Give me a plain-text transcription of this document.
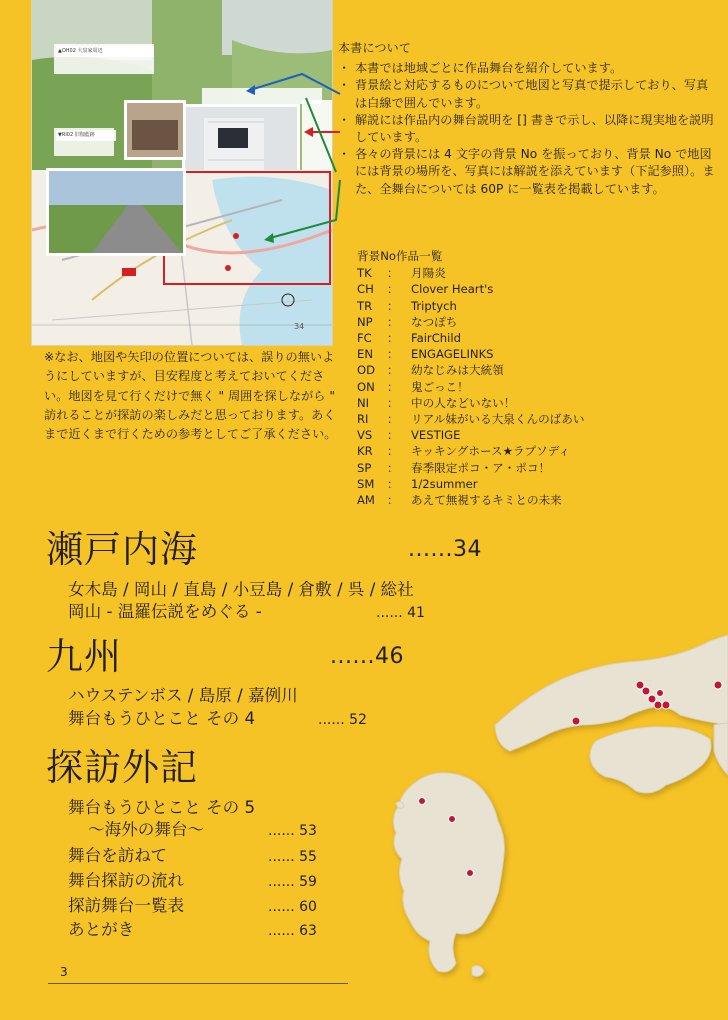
▲OH02 大泉家周辺
▼RI02 旧伽藍跡
34
本書について
・ 本書では地域ごとに作品舞台を紹介しています。
・ 背景絵と対応するものについて地図と写真で提示しており、写真は白線で囲んでいます。
・ 解説には作品内の舞台説明を [] 書きで示し、以降に現実地を説明しています。
・ 各々の背景には 4 文字の背景 No を振っており、背景 No で地図には背景の場所を、写真には解説を添えています（下記参照）。また、全舞台については 60P に一覧表を掲載しています。
背景No作品一覧
TK	：	月陽炎
CH	：	Clover Heart's
TR	：	Triptych
NP	：	なつぽち
FC	：	FairChild
EN	：	ENGAGELINKS
OD	：	幼なじみは大統領
ON	：	鬼ごっこ！
NI	：	中の人などいない！
RI	：	リアル妹がいる大泉くんのばあい
VS	：	VESTIGE
KR	：	キッキングホース★ラプソディ
SP	：	春季限定ポコ・ア・ポコ！
SM	：	1/2summer
AM	：	あえて無視するキミとの未来
※なお、地図や矢印の位置については、誤りの無いようにしていますが、目安程度と考えておいてください。地図を見て行くだけで無く " 周囲を探しながら " 訪れることが探訪の楽しみだと思っております。あくまで近くまで行くための参考としてご了承ください。
瀬戸内海	......34
女木島 / 岡山 / 直島 / 小豆島 / 倉敷 / 呉 / 総社
岡山 - 温羅伝説をめぐる -	...... 41
九州	......46
ハウステンボス / 島原 / 嘉例川
舞台もうひとこと その 4	...... 52
探訪外記
舞台もうひとこと その 5
～海外の舞台～	...... 53
舞台を訪ねて	...... 55
舞台探訪の流れ	...... 59
探訪舞台一覧表	...... 60
あとがき	...... 63
3
